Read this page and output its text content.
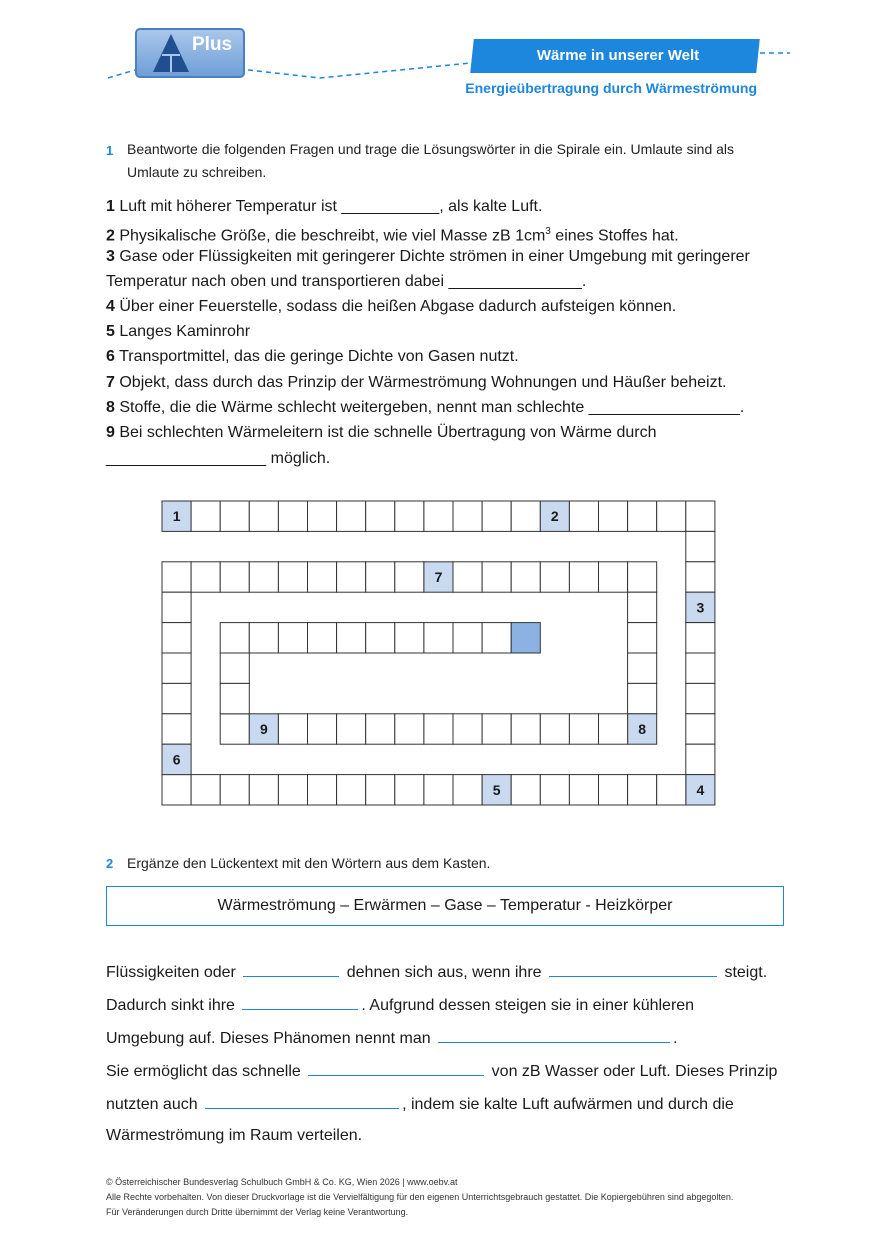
Plus
Wärme in unserer Welt
Energieübertragung durch Wärmeströmung
1 Beantworte die folgenden Fragen und trage die Lösungswörter in die Spirale ein. Umlaute sind als
Umlaute zu schreiben.
1 Luft mit höherer Temperatur ist ___________, als kalte Luft.
2 Physikalische Größe, die beschreibt, wie viel Masse zB $1cm^3$ eines Stoffes hat.
3 Gase oder Flüssigkeiten mit geringerer Dichte strömen in einer Umgebung mit geringerer
Temperatur nach oben und transportieren dabei _______________.
4 Über einer Feuerstelle, sodass die heißen Abgase dadurch aufsteigen können.
5 Langes Kaminrohr
6 Transportmittel, das die geringe Dichte von Gasen nutzt.
7 Objekt, dass durch das Prinzip der Wärmeströmung Wohnungen und Häußer beheizt.
8 Stoffe, die die Wärme schlecht weitergeben, nennt man schlechte _________________.
9 Bei schlechten Wärmeleitern ist die schnelle Übertragung von Wärme durch
__________________ möglich.
1	2
3
4
5
6
7
8
9
2 Ergänze den Lückentext mit den Wörtern aus dem Kasten.
Wärmeströmung – Erwärmen – Gase – Temperatur - Heizkörper
Flüssigkeiten oder	dehnen sich aus, wenn ihre	steigt.
Dadurch sinkt ihre	. Aufgrund dessen steigen sie in einer kühleren
Umgebung auf. Dieses Phänomen nennt man	.
Sie ermöglicht das schnelle	von zB Wasser oder Luft. Dieses Prinzip
nutzten auch	, indem sie kalte Luft aufwärmen und durch die
Wärmeströmung im Raum verteilen.
© Österreichischer Bundesverlag Schulbuch GmbH & Co. KG, Wien 2026 | www.oebv.at
Alle Rechte vorbehalten. Von dieser Druckvorlage ist die Vervielfältigung für den eigenen Unterrichtsgebrauch gestattet. Die Kopiergebühren sind abgegolten.
Für Veränderungen durch Dritte übernimmt der Verlag keine Verantwortung.
